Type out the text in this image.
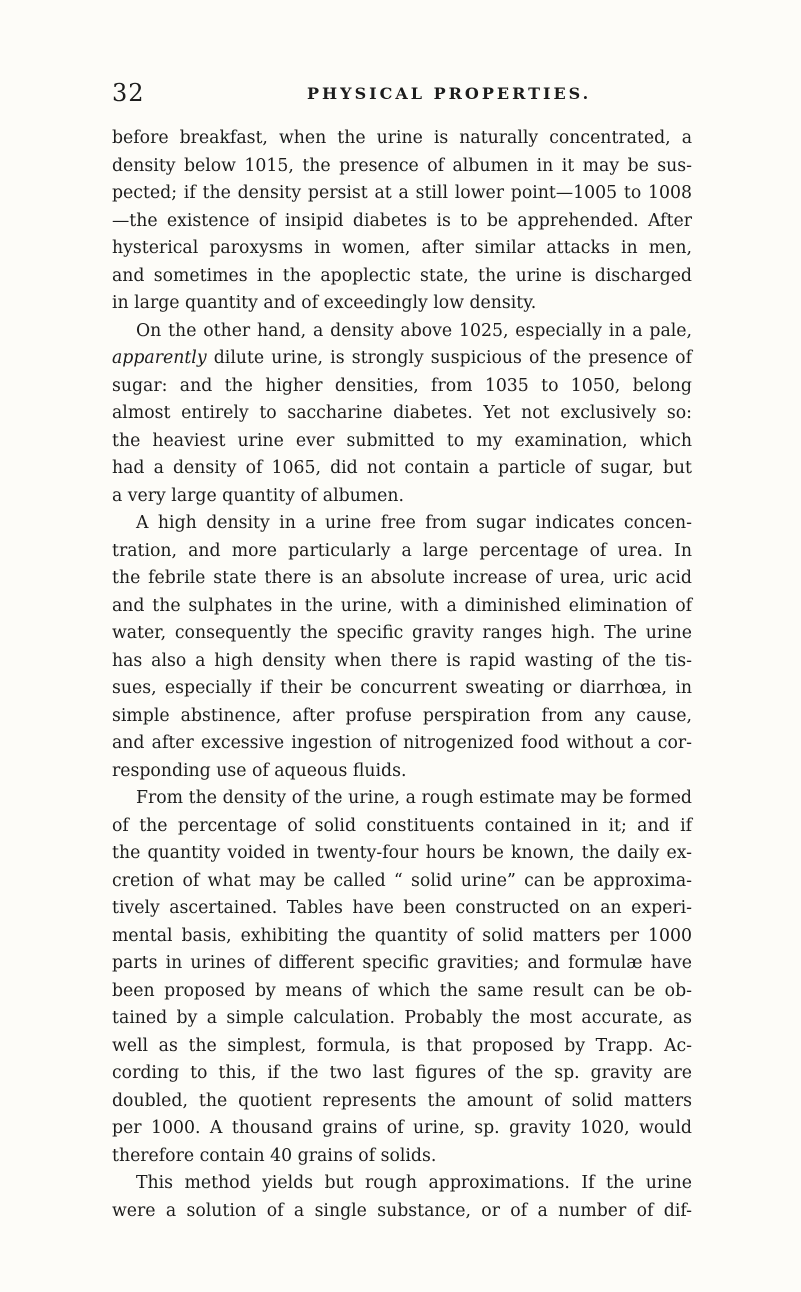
32	PHYSICAL PROPERTIES.
before breakfast, when the urine is naturally concentrated, a
density below 1015, the presence of albumen in it may be sus-
pected; if the density persist at a still lower point—1005 to 1008
—the existence of insipid diabetes is to be apprehended. After
hysterical paroxysms in women, after similar attacks in men,
and sometimes in the apoplectic state, the urine is discharged
in large quantity and of exceedingly low density.
On the other hand, a density above 1025, especially in a pale,
apparently dilute urine, is strongly suspicious of the presence of
sugar: and the higher densities, from 1035 to 1050, belong
almost entirely to saccharine diabetes. Yet not exclusively so:
the heaviest urine ever submitted to my examination, which
had a density of 1065, did not contain a particle of sugar, but
a very large quantity of albumen.
A high density in a urine free from sugar indicates concen-
tration, and more particularly a large percentage of urea. In
the febrile state there is an absolute increase of urea, uric acid
and the sulphates in the urine, with a diminished elimination of
water, consequently the specific gravity ranges high. The urine
has also a high density when there is rapid wasting of the tis-
sues, especially if their be concurrent sweating or diarrhœa, in
simple abstinence, after profuse perspiration from any cause,
and after excessive ingestion of nitrogenized food without a cor-
responding use of aqueous fluids.
From the density of the urine, a rough estimate may be formed
of the percentage of solid constituents contained in it; and if
the quantity voided in twenty-four hours be known, the daily ex-
cretion of what may be called “ solid urine” can be approxima-
tively ascertained. Tables have been constructed on an experi-
mental basis, exhibiting the quantity of solid matters per 1000
parts in urines of different specific gravities; and formulæ have
been proposed by means of which the same result can be ob-
tained by a simple calculation. Probably the most accurate, as
well as the simplest, formula, is that proposed by Trapp. Ac-
cording to this, if the two last figures of the sp. gravity are
doubled, the quotient represents the amount of solid matters
per 1000. A thousand grains of urine, sp. gravity 1020, would
therefore contain 40 grains of solids.
This method yields but rough approximations. If the urine
were a solution of a single substance, or of a number of dif-
